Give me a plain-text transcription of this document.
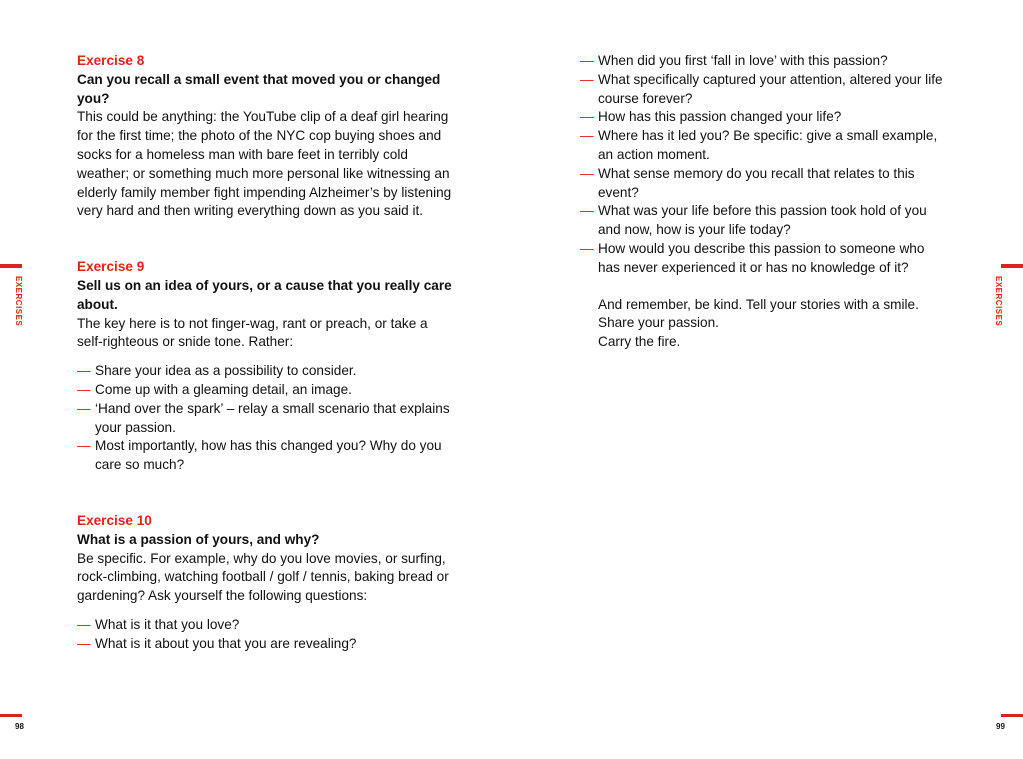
EXERCISES
Exercise 8
Can you recall a small event that moved you or changed you?
This could be anything: the YouTube clip of a deaf girl hearing for the first time; the photo of the NYC cop buying shoes and socks for a homeless man with bare feet in terribly cold weather; or something much more personal like witnessing an elderly family member fight impending Alzheimer’s by listening very hard and then writing everything down as you said it.
Exercise 9
Sell us on an idea of yours, or a cause that you really care about.
The key here is to not finger-wag, rant or preach, or take a self-righteous or snide tone. Rather:
— Share your idea as a possibility to consider.
— Come up with a gleaming detail, an image.
— ‘Hand over the spark’ – relay a small scenario that explains your passion.
— Most importantly, how has this changed you? Why do you care so much?
Exercise 10
What is a passion of yours, and why?
Be specific. For example, why do you love movies, or surfing, rock-climbing, watching football / golf / tennis, baking bread or gardening? Ask yourself the following questions:
— What is it that you love?
— What is it about you that you are revealing?
98
EXERCISES
99
— When did you first ‘fall in love’ with this passion?
— What specifically captured your attention, altered your life course forever?
— How has this passion changed your life?
— Where has it led you? Be specific: give a small example, an action moment.
— What sense memory do you recall that relates to this event?
— What was your life before this passion took hold of you and now, how is your life today?
— How would you describe this passion to someone who has never experienced it or has no knowledge of it?

And remember, be kind. Tell your stories with a smile.

Share your passion.

Carry the fire.
